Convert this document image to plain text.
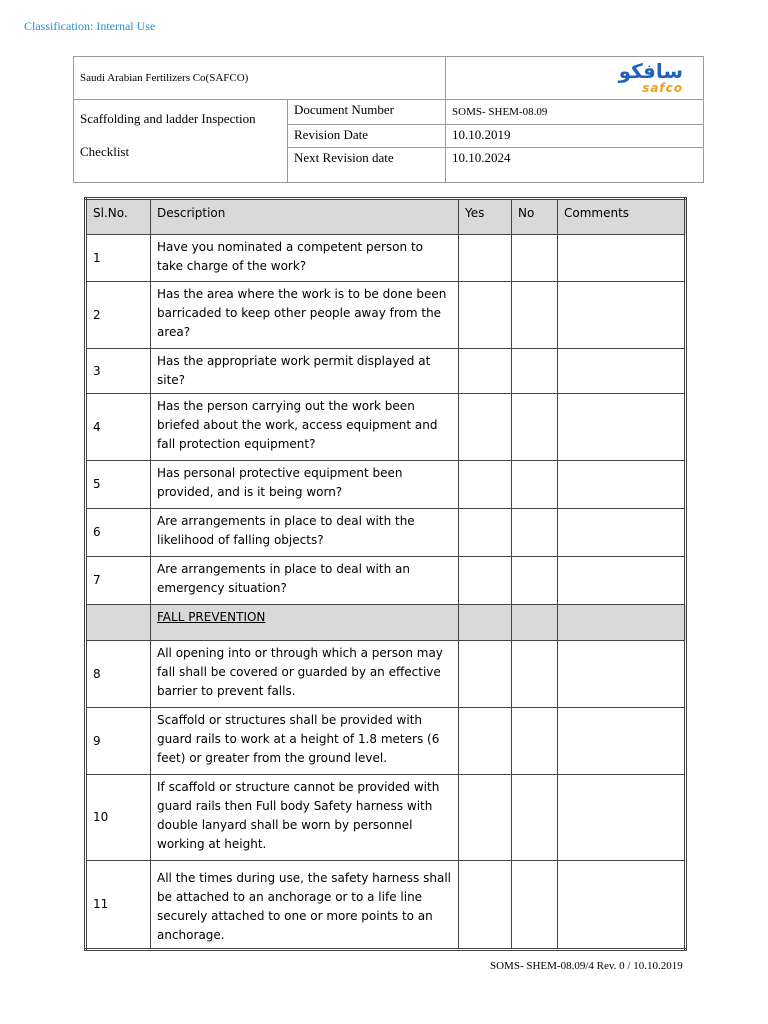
Classification: Internal Use
Saudi Arabian Fertilizers Co(SAFCO)		سافكو
safco

Scaffolding and ladder Inspection
Checklist	Document Number	SOMS- SHEM-08.09
	Revision Date	10.10.2019
	Next Revision date	10.10.2024
Sl.No.	Description	Yes	No	Comments
1	Have you nominated a competent person to take charge of the work?			
2	Has the area where the work is to be done been barricaded to keep other people away from the area?			
3	Has the appropriate work permit displayed at site?			
4	Has the person carrying out the work been briefed about the work, access equipment and fall protection equipment?			
5	Has personal protective equipment been provided, and is it being worn?			
6	Are arrangements in place to deal with the likelihood of falling objects?			
7	Are arrangements in place to deal with an emergency situation?			
	FALL PREVENTION			
8	All opening into or through which a person may fall shall be covered or guarded by an effective barrier to prevent falls.			
9	Scaffold or structures shall be provided with guard rails to work at a height of 1.8 meters (6 feet) or greater from the ground level.			
10	If scaffold or structure cannot be provided with guard rails then Full body Safety harness with double lanyard shall be worn by personnel working at height.			
11	All the times during use, the safety harness shall be attached to an anchorage or to a life line securely attached to one or more points to an anchorage.			
SOMS- SHEM-08.09/4 Rev. 0 / 10.10.2019
